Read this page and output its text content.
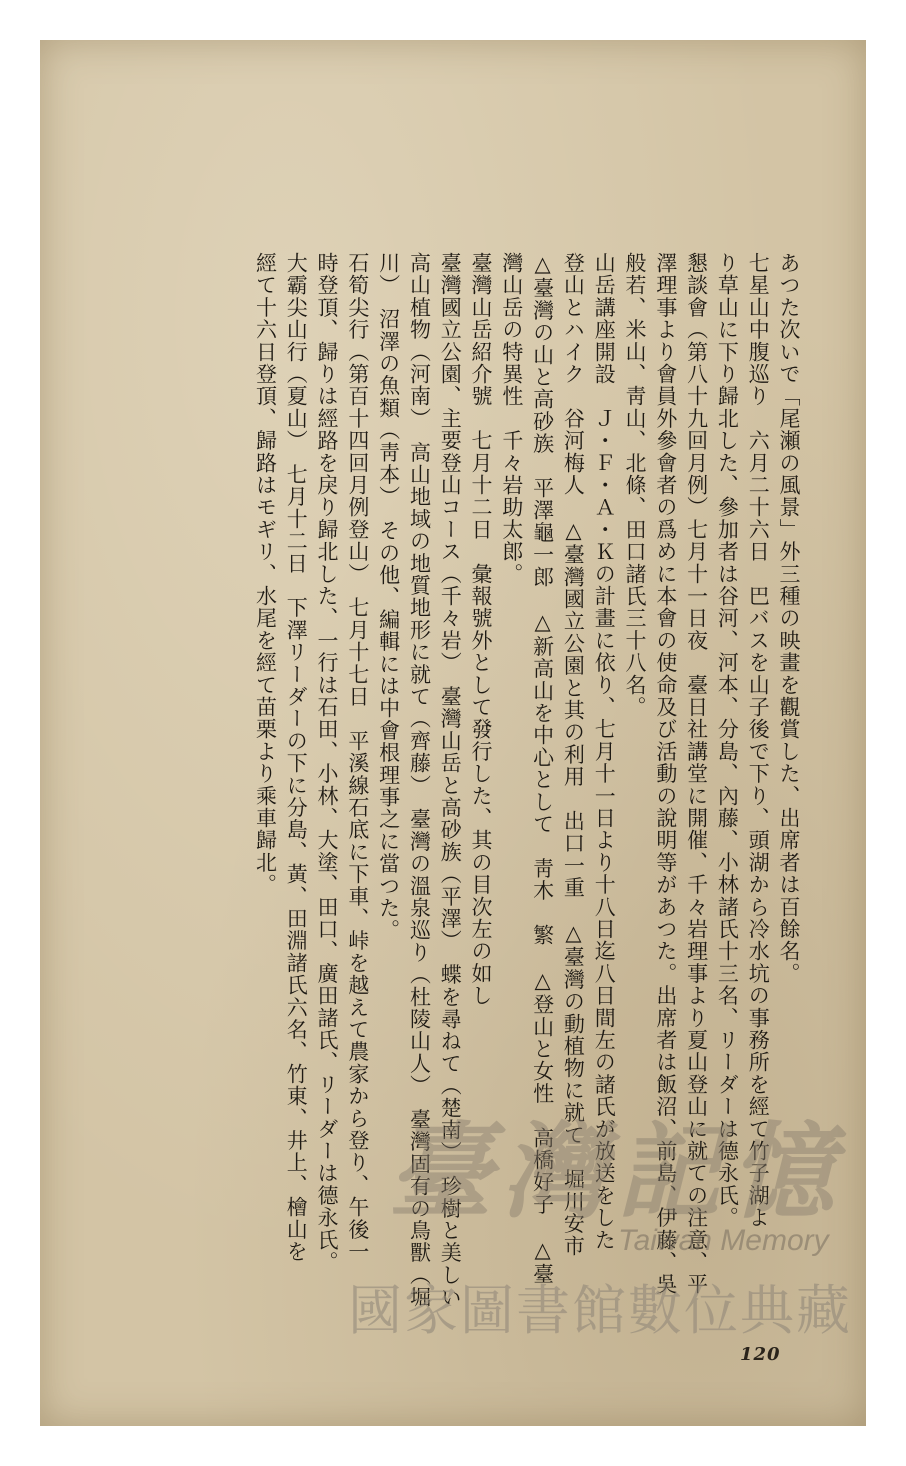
あつた次いで「尾瀬の風景」外三種の映畫を觀賞した、出席者は百餘名。
七星山中腹巡り　六月二十六日　巴バスを山子後で下り、頭湖から冷水坑の事務所を經て竹子湖よ
り草山に下り歸北した、參加者は谷河、河本、分島、內藤、小林諸氏十三名、リーダーは德永氏。
懇談會（第八十九回月例）七月十一日夜　臺日社講堂に開催、千々岩理事より夏山登山に就ての注意、平
澤理事より會員外參會者の爲めに本會の使命及び活動の說明等があつた。出席者は飯沼、前島、伊藤、吳
般若、米山、靑山、北條、田口諸氏三十八名。
山岳講座開設　Ｊ・Ｆ・Ａ・Ｋの計畫に依り、七月十一日より十八日迄八日間左の諸氏が放送をした
登山とハイク　谷河梅人　△臺灣國立公園と其の利用　出口一重　△臺灣の動植物に就て　堀川安市
△臺灣の山と高砂族　平澤龜一郎　△新高山を中心として　靑木　繁　△登山と女性　高橋好子　△臺
灣山岳の特異性　千々岩助太郎。
臺灣山岳紹介號　七月十二日　彙報號外として發行した、其の目次左の如し
臺灣國立公園、主要登山コース（千々岩）　臺灣山岳と高砂族（平澤）　蝶を尋ねて（楚南）　珍樹と美しい
高山植物（河南）　高山地域の地質地形に就て（齊藤）　臺灣の溫泉巡り（杜陵山人）　臺灣固有の鳥獸（堀
川）　沼澤の魚類（靑本）　その他、編輯には中會根理事之に當つた。
石筍尖行（第百十四回月例登山）　七月十七日　平溪線石底に下車、峠を越えて農家から登り、午後一
時登頂、歸りは經路を戾り歸北した、一行は石田、小林、大塗、田口、廣田諸氏、リーダーは德永氏。
大霸尖山行（夏山）　七月十二日　下澤リーダーの下に分島、黃、田淵諸氏六名、竹東、井上、檜山を
經て十六日登頂、歸路はモギリ、水尾を經て苗栗より乘車歸北。
120
臺灣記憶
Taiwan Memory
國家圖書館數位典藏
